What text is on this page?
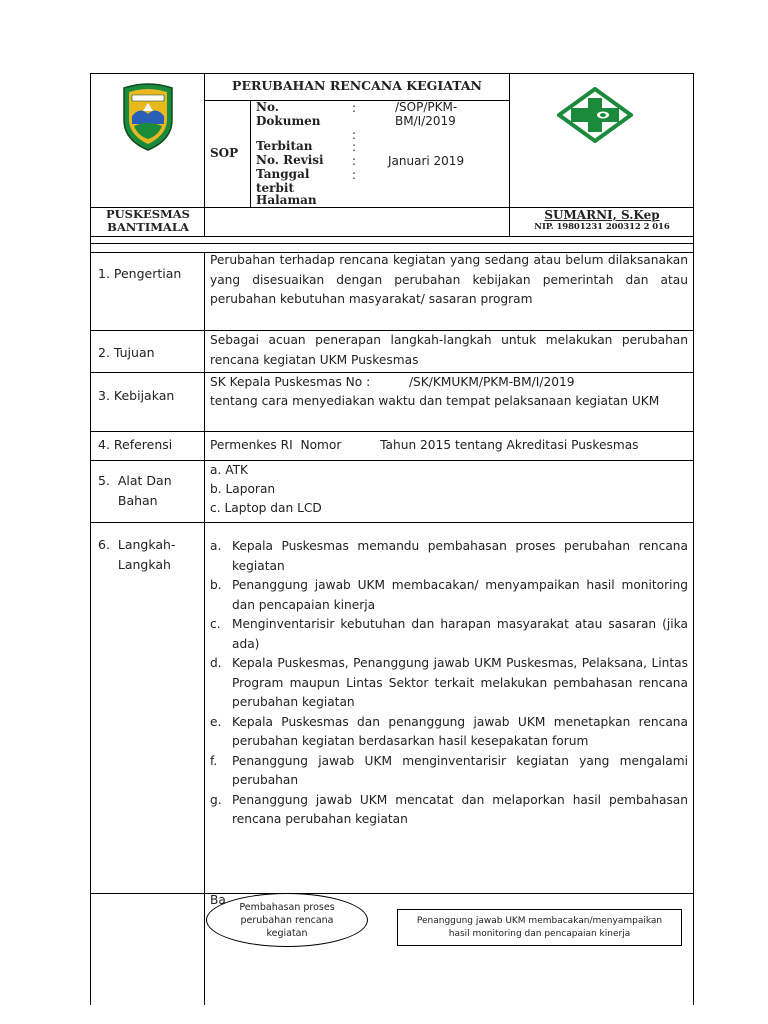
PERUBAHAN RENCANA KEGIATAN
SOP
No.
Dokumen
Terbitan
No. Revisi
Tanggal
terbit
Halaman
:
:
:
:
:
/SOP/PKM-
BM/I/2019
Januari 2019
PUSKESMAS
BANTIMALA
SUMARNI, S.Kep
NIP. 19801231 200312 2 016
1. Pengertian
2. Tujuan
3. Kebijakan
4. Referensi
5.  Alat Dan
Bahan
6.  Langkah-
Langkah
Perubahan terhadap rencana kegiatan yang sedang atau belum dilaksanakan yang disesuaikan dengan perubahan kebijakan pemerintah dan atau perubahan kebutuhan masyarakat/ sasaran program
Sebagai acuan penerapan langkah-langkah untuk melakukan perubahan rencana kegiatan UKM Puskesmas
SK Kepala Puskesmas No :          /SK/KMUKM/PKM-BM/I/2019
tentang cara menyediakan waktu dan tempat pelaksanaan kegiatan UKM
Permenkes RI  Nomor          Tahun 2015 tentang Akreditasi Puskesmas
a. ATK
b. Laporan
c. Laptop dan LCD
a. Kepala Puskesmas memandu pembahasan proses perubahan rencana kegiatan
b. Penanggung jawab UKM membacakan/ menyampaikan hasil monitoring dan pencapaian kinerja
c. Menginventarisir kebutuhan dan harapan masyarakat atau sasaran (jika ada)
d. Kepala Puskesmas, Penanggung jawab UKM Puskesmas, Pelaksana, Lintas Program maupun Lintas Sektor terkait melakukan pembahasan rencana perubahan kegiatan
e. Kepala Puskesmas dan penanggung jawab UKM menetapkan rencana perubahan kegiatan berdasarkan hasil kesepakatan forum
f.	Penanggung jawab UKM menginventarisir kegiatan yang mengalami perubahan
g. Penanggung jawab UKM mencatat dan melaporkan hasil pembahasan rencana perubahan kegiatan
Ba Pembahasan proses
perubahan rencana
kegiatan
Penanggung jawab UKM membacakan/menyampaikan
hasil monitoring dan pencapaian kinerja
